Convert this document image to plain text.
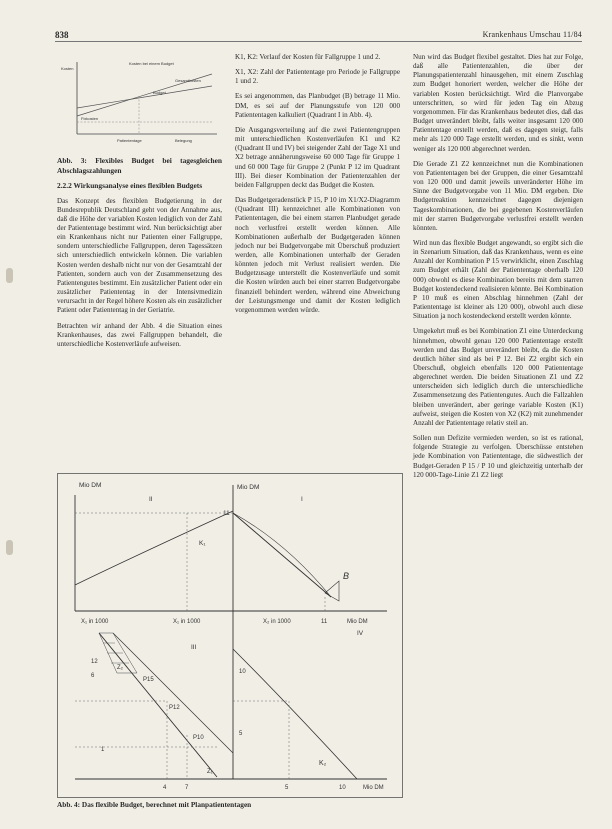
838	Krankenhaus Umschau 11/84
Kosten
Kosten bei einem Budget
Gesamtkosten
Budget
Fixkosten
Patiententage	Belegung

Abb. 3: Flexibles Budget bei tagesgleichen Abschlagszahlungen

2.2.2 Wirkungsanalyse eines flexiblen Budgets

Das Konzept des flexiblen Budgetierung in der Bundesrepublik Deutschland geht von der Annahme aus, daß die Höhe der variablen Kosten lediglich von der Zahl der Patiententage bestimmt wird. Nun berücksichtigt aber ein Krankenhaus nicht nur Patienten einer Fallgruppe, sondern unterschiedliche Fallgruppen, deren Tagessätzen sich unterschiedlich entwickeln können. Die variablen Kosten werden deshalb nicht nur von der Gesamtzahl der Patienten, sondern auch von der Zusammensetzung des Patientengutes bestimmt. Ein zusätzlicher Patient oder ein zusätzlicher Patiententag in der Intensivmedizin verursacht in der Regel höhere Kosten als ein zusätzlicher Patient oder Patiententag in der Geriatrie.

Betrachten wir anhand der Abb. 4 die Situation eines Krankenhauses, das zwei Fallgruppen behandelt, die unterschiedliche Kostenverläufe aufweisen.

K1, K2: Verlauf der Kosten für Fallgruppe 1 und 2.

X1, X2: Zahl der Patiententage pro Periode je Fallgruppe 1 und 2.

Es sei angenommen, das Planbudget (B) betrage 11 Mio. DM, es sei auf der Planungsstufe von 120 000 Patiententagen kalkuliert (Quadrant I in Abb. 4).

Die Ausgangsverteilung auf die zwei Patientengruppen mit unterschiedlichen Kostenverläufen K1 und K2 (Quadrant II und IV) bei steigender Zahl der Tage X1 und X2 betrage annäherungsweise 60 000 Tage für Gruppe 1 und 60 000 Tage für Gruppe 2 (Punkt P 12 im Quadrant III). Bei dieser Kombination der Patientenzahlen der beiden Fallgruppen deckt das Budget die Kosten.

Das Budgetgeradenstück P 15, P 10 im X1/X2-Diagramm (Quadrant III) kennzeichnet alle Kombinationen von Patiententagen, die bei einem starren Planbudget gerade noch verlustfrei erstellt werden können. Alle Kombinationen außerhalb der Budgetgeraden können jedoch nur bei Budgetvorgabe mit Überschuß produziert werden, alle Kombinationen unterhalb der Geraden könnten jedoch mit Verlust realisiert werden. Die Budgetzusage unterstellt die Kostenverläufe und somit die Kosten würden auch bei einer starren Budgetvorgabe finanziell behindert werden, während eine Abweichung der Leistungsmenge und damit der Kosten lediglich vorgenommen werden würde.

Nun wird das Budget flexibel gestaltet. Dies hat zur Folge, daß alle Patientenzahlen, die über der Planungspatientenzahl hinausgehen, mit einem Zuschlag zum Budget honoriert werden, welcher die Höhe der variablen Kosten berücksichtigt. Wird die Planvorgabe unterschritten, so wird für jeden Tag ein Abzug vorgenommen. Für das Krankenhaus bedeutet dies, daß das Budget unverändert bleibt, falls weiter insgesamt 120 000 Patiententage erstellt werden, daß es dagegen steigt, falls mehr als 120 000 Tage erstellt werden, und es sinkt, wenn weniger als 120 000 abgerechnet werden.

Die Gerade Z1 Z2 kennzeichnet nun die Kombinationen von Patiententagen bei der Gruppen, die einer Gesamtzahl von 120 000 und damit jeweils unveränderter Höhe im Sinne der Budgetvorgabe von 11 Mio. DM ergeben. Die Budgetreaktion kennzeichnet dagegen diejenigen Tageskombinationen, die bei gegebenen Kostenverläufen mit der starren Budgetvorgabe verlustfrei erstellt werden könnten.

Wird nun das flexible Budget angewandt, so ergibt sich die in Szenarium Situation, daß das Krankenhaus, wenn es eine Anzahl der Kombination P 15 verwirklicht, einen Zuschlag zum Budget erhält (Zahl der Patiententage oberhalb 120 000) obwohl es diese Kombination bereits mit dem starren Budget kostendeckend realisieren könnte. Bei Kombination P 10 muß es einen Abschlag hinnehmen (Zahl der Patiententage ist kleiner als 120 000), obwohl auch diese Situation ja noch kostendeckend erstellt werden könnte.

Umgekehrt muß es bei Kombination Z1 eine Unterdeckung hinnehmen, obwohl genau 120 000 Patiententage erstellt werden und das Budget unverändert bleibt, da die Kosten deutlich höher sind als bei P 12. Bei Z2 ergibt sich ein Überschuß, obgleich ebenfalls 120 000 Patiententage abgerechnet werden. Die beiden Situationen Z1 und Z2 unterscheiden sich lediglich durch die unterschiedliche Zusammensetzung des Patientengutes. Auch die Fallzahlen bleiben unverändert, aber geringe variable Kosten (K1) aufweist, steigen die Kosten von X2 (K2) mit zunehmender Anzahl der Patiententage relativ steil an.

Sollen nun Defizite vermieden werden, so ist es rational, folgende Strategie zu verfolgen. Überschüsse entstehen jede Kombination von Patiententage, die südwestlich der Budget-Geraden P 15 / P 10 und gleichzeitig unterhalb der 120 000-Tage-Linie Z1 Z2 liegt

Mio DM
II
K₁
X₁ in 1000
Mio DM
I
11
B
11	Mio DM
X₁ in 1000
III
12
6
1
P15
P12
P10
Z₂
Z₁
4	7
X₂ in 1000
IV
10
5
K₂
5	10	Mio DM
Abb. 4: Das flexible Budget, berechnet mit Planpatiententagen
